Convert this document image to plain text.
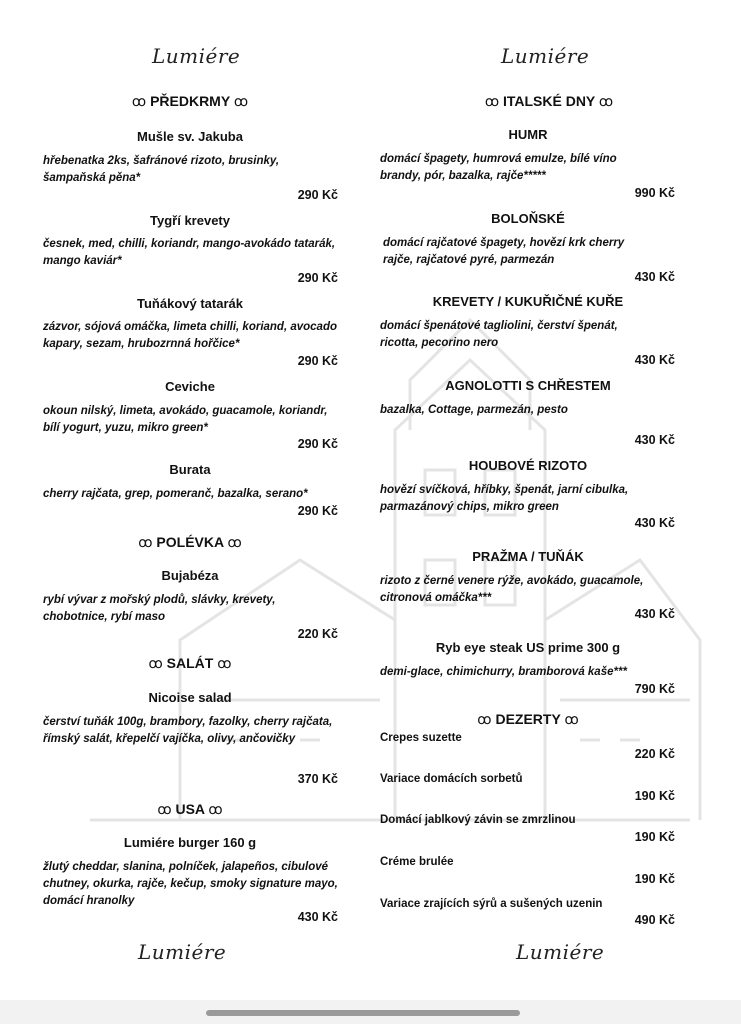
Lumiére
ꝏ PŘEDKRMY ꝏ
Mušle sv. Jakuba
hřebenatka 2ks, šafránové rizoto, brusinky, šampaňská pěna*
290 Kč
Tygří krevety
česnek, med, chilli, koriandr, mango-avokádo tatarák, mango kaviár*
290 Kč
Tuňákový tatarák
zázvor, sójová omáčka, limeta chilli, koriand, avocado kapary, sezam, hrubozrnná hořčice*
290 Kč
Ceviche
okoun nilský, limeta, avokádo, guacamole, koriandr, bílí yogurt, yuzu, mikro green*
290 Kč
Burata
cherry rajčata, grep, pomeranč, bazalka, serano*
290 Kč
ꝏ POLÉVKA ꝏ
Bujabéza
rybí vývar z mořský plodů, slávky, krevety, chobotnice, rybí maso
220 Kč
ꝏ SALÁT ꝏ
Nicoise salad
čerství tuňák 100g, brambory, fazolky, cherry rajčata, římský salát, křepelčí vajíčka, olivy, ančovičky
370 Kč
ꝏ USA ꝏ
Lumiére burger 160 g
žlutý cheddar, slanina, polníček, jalapeños, cibulové chutney, okurka, rajče, kečup, smoky signature mayo, domácí hranolky
430 Kč
Lumiére
Lumiére
ꝏ ITALSKÉ DNY ꝏ
HUMR
domácí špagety, humrová emulze, bílé víno brandy, pór, bazalka, rajče*****
990 Kč
BOLOŇSKÉ
domácí rajčatové špagety, hovězí krk cherry rajče, rajčatové pyré, parmezán
430 Kč
KREVETY / KUKUŘIČNÉ KUŘE
domácí špenátové tagliolini, čerství špenát, ricotta, pecorino nero
430 Kč
AGNOLOTTI S CHŘESTEM
bazalka, Cottage, parmezán, pesto
430 Kč
HOUBOVÉ RIZOTO
hovězí svíčková, hříbky, špenát, jarní cibulka, parmazánový chips, mikro green
430 Kč
PRAŽMA / TUŇÁK
rizoto z černé venere rýže, avokádo, guacamole, citronová omáčka***
430 Kč
Ryb eye steak US prime 300 g
demi-glace, chimichurry, bramborová kaše***
790 Kč
ꝏ DEZERTY ꝏ
Crepes suzette
220 Kč
Variace domácích sorbetů
190 Kč
Domácí jablkový závin se zmrzlinou
190 Kč
Créme brulée
190 Kč
Variace zrajících sýrů a sušených uzenin
490 Kč
Lumiére
